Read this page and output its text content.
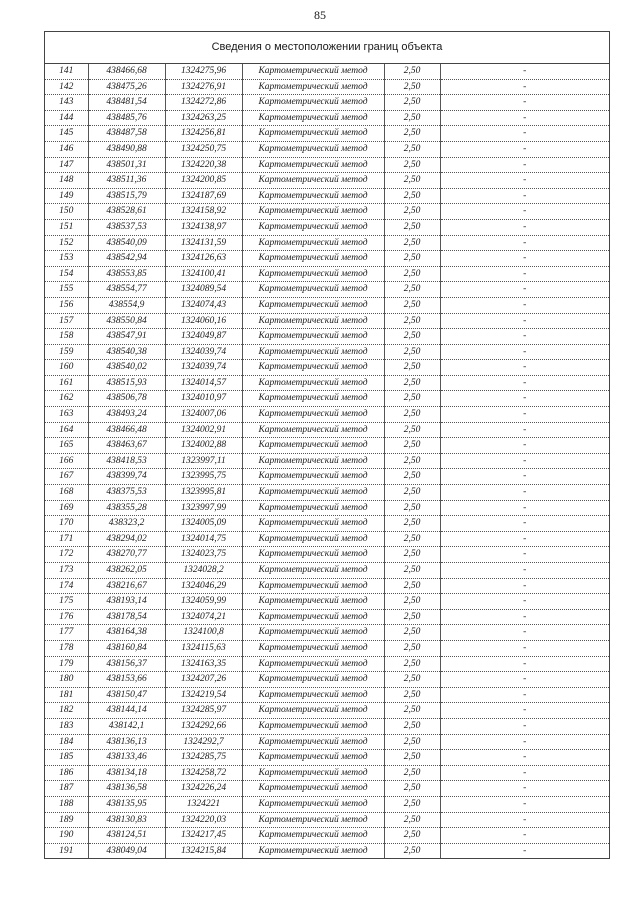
85
Сведения о местоположении границ объекта
141	438466,68	1324275,96	Картометрический метод	2,50	-
142	438475,26	1324276,91	Картометрический метод	2,50	-
143	438481,54	1324272,86	Картометрический метод	2,50	-
144	438485,76	1324263,25	Картометрический метод	2,50	-
145	438487,58	1324256,81	Картометрический метод	2,50	-
146	438490,88	1324250,75	Картометрический метод	2,50	-
147	438501,31	1324220,38	Картометрический метод	2,50	-
148	438511,36	1324200,85	Картометрический метод	2,50	-
149	438515,79	1324187,69	Картометрический метод	2,50	-
150	438528,61	1324158,92	Картометрический метод	2,50	-
151	438537,53	1324138,97	Картометрический метод	2,50	-
152	438540,09	1324131,59	Картометрический метод	2,50	-
153	438542,94	1324126,63	Картометрический метод	2,50	-
154	438553,85	1324100,41	Картометрический метод	2,50	-
155	438554,77	1324089,54	Картометрический метод	2,50	-
156	438554,9	1324074,43	Картометрический метод	2,50	-
157	438550,84	1324060,16	Картометрический метод	2,50	-
158	438547,91	1324049,87	Картометрический метод	2,50	-
159	438540,38	1324039,74	Картометрический метод	2,50	-
160	438540,02	1324039,74	Картометрический метод	2,50	-
161	438515,93	1324014,57	Картометрический метод	2,50	-
162	438506,78	1324010,97	Картометрический метод	2,50	-
163	438493,24	1324007,06	Картометрический метод	2,50	-
164	438466,48	1324002,91	Картометрический метод	2,50	-
165	438463,67	1324002,88	Картометрический метод	2,50	-
166	438418,53	1323997,11	Картометрический метод	2,50	-
167	438399,74	1323995,75	Картометрический метод	2,50	-
168	438375,53	1323995,81	Картометрический метод	2,50	-
169	438355,28	1323997,99	Картометрический метод	2,50	-
170	438323,2	1324005,09	Картометрический метод	2,50	-
171	438294,02	1324014,75	Картометрический метод	2,50	-
172	438270,77	1324023,75	Картометрический метод	2,50	-
173	438262,05	1324028,2	Картометрический метод	2,50	-
174	438216,67	1324046,29	Картометрический метод	2,50	-
175	438193,14	1324059,99	Картометрический метод	2,50	-
176	438178,54	1324074,21	Картометрический метод	2,50	-
177	438164,38	1324100,8	Картометрический метод	2,50	-
178	438160,84	1324115,63	Картометрический метод	2,50	-
179	438156,37	1324163,35	Картометрический метод	2,50	-
180	438153,66	1324207,26	Картометрический метод	2,50	-
181	438150,47	1324219,54	Картометрический метод	2,50	-
182	438144,14	1324285,97	Картометрический метод	2,50	-
183	438142,1	1324292,66	Картометрический метод	2,50	-
184	438136,13	1324292,7	Картометрический метод	2,50	-
185	438133,46	1324285,75	Картометрический метод	2,50	-
186	438134,18	1324258,72	Картометрический метод	2,50	-
187	438136,58	1324226,24	Картометрический метод	2,50	-
188	438135,95	1324221	Картометрический метод	2,50	-
189	438130,83	1324220,03	Картометрический метод	2,50	-
190	438124,51	1324217,45	Картометрический метод	2,50	-
191	438049,04	1324215,84	Картометрический метод	2,50	-
